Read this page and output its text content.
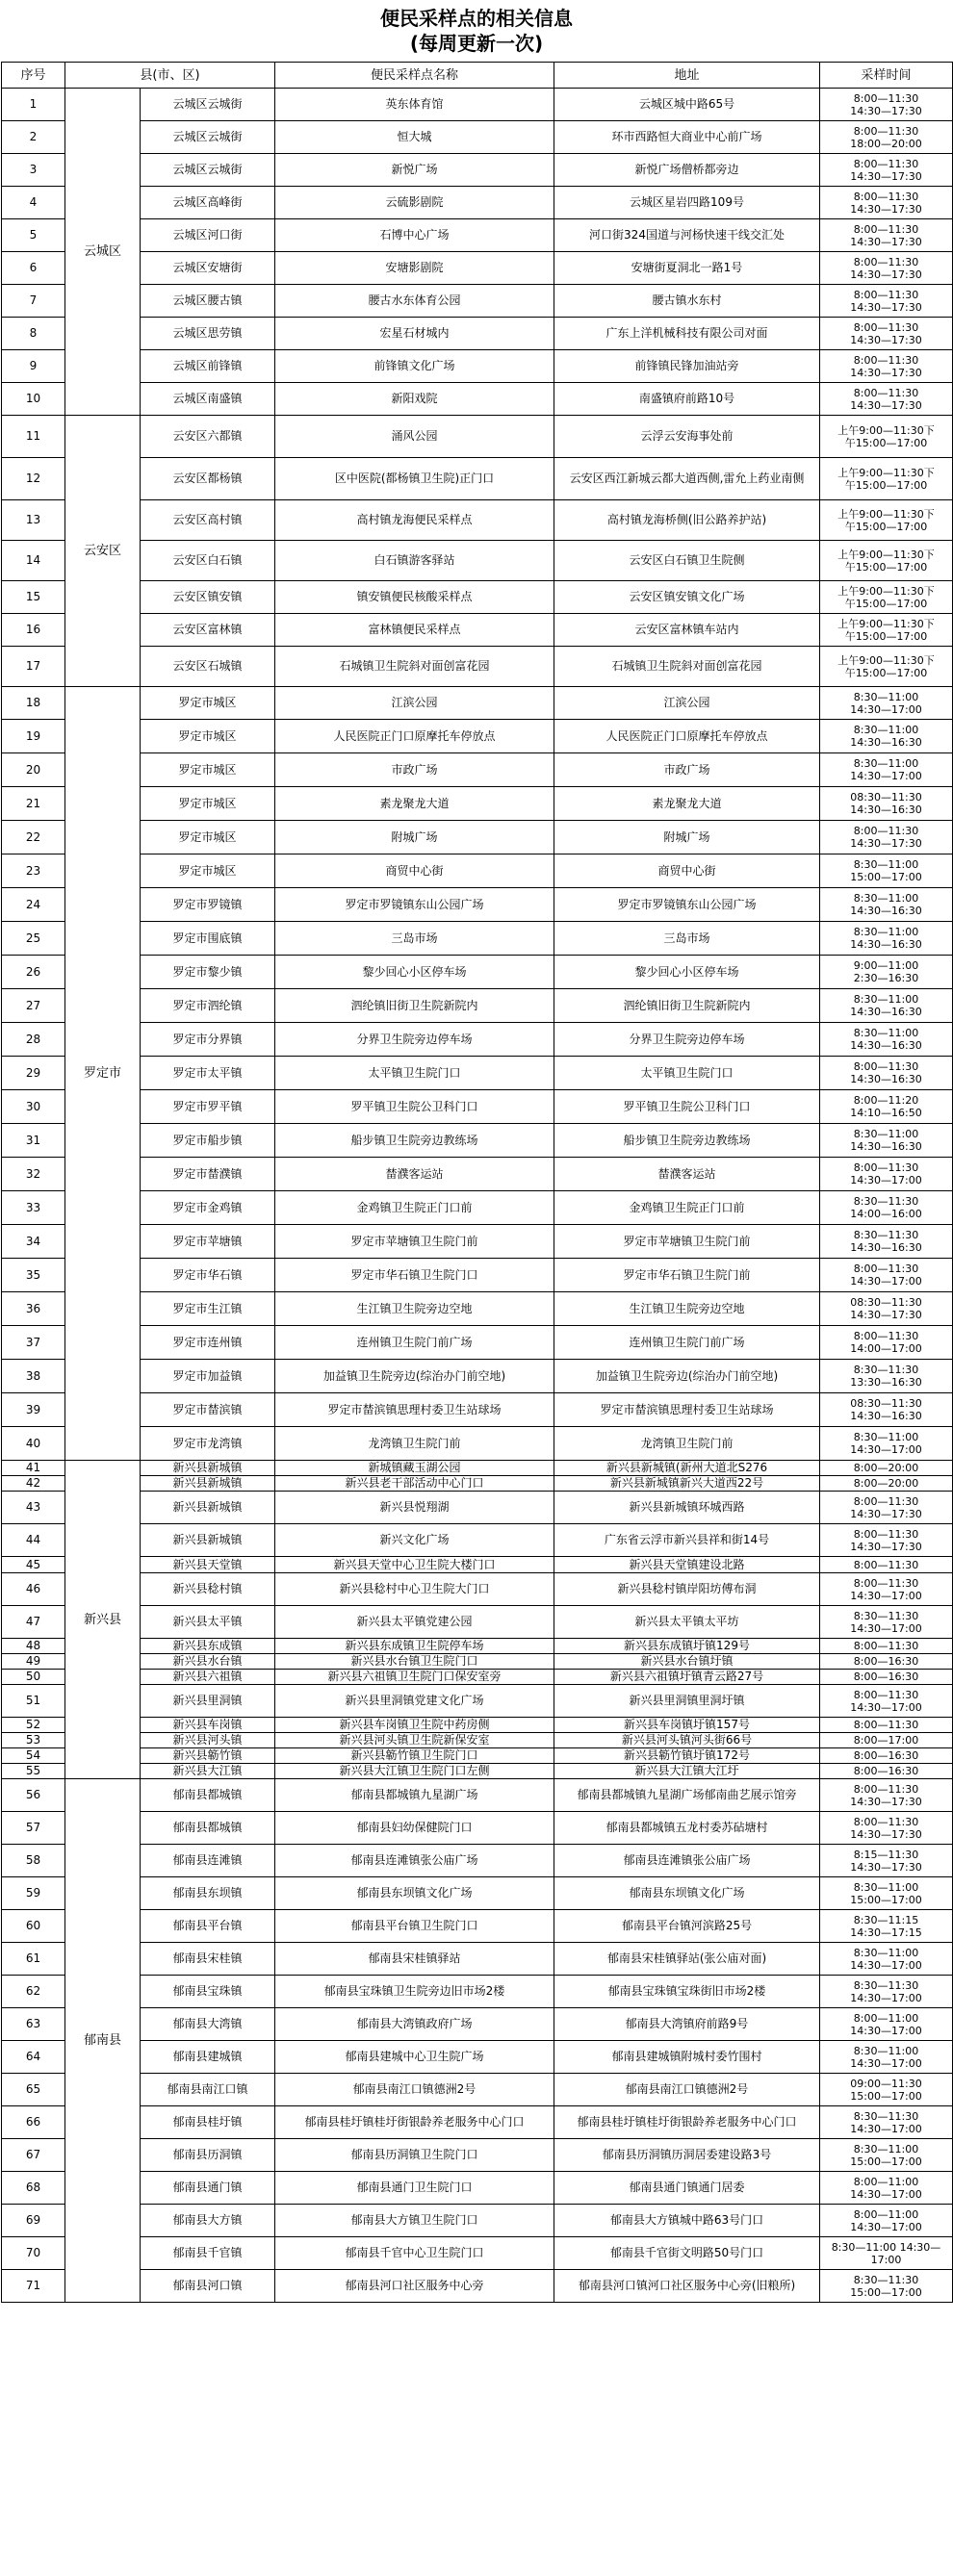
便民采样点的相关信息
(每周更新一次)
序号	县(市、区)		便民采样点名称	地址	采样时间
1	云城区	云城区云城街	英东体育馆	云城区城中路65号	8:00—11:30
14:30—17:30

2		云城区云城街	恒大城	环市西路恒大商业中心前广场	8:00—11:30
18:00—20:00

3		云城区云城街	新悦广场	新悦广场僧桥都旁边	8:00—11:30
14:30—17:30

4		云城区高峰街	云硫影剧院	云城区星岩四路109号	8:00—11:30
14:30—17:30

5		云城区河口街	石博中心广场	河口街324国道与河杨快速干线交汇处	8:00—11:30
14:30—17:30

6		云城区安塘街	安塘影剧院	安塘街夏洞北一路1号	8:00—11:30
14:30—17:30

7		云城区腰古镇	腰古水东体育公园	腰古镇水东村	8:00—11:30
14:30—17:30

8		云城区思劳镇	宏星石材城内	广东上洋机械科技有限公司对面	8:00—11:30
14:30—17:30

9		云城区前锋镇	前锋镇文化广场	前锋镇民锋加油站旁	8:00—11:30
14:30—17:30

10		云城区南盛镇	新阳戏院	南盛镇府前路10号	8:00—11:30
14:30—17:30

11	云安区	云安区六都镇	涌风公园	云浮云安海事处前	上午9:00—11:30下
午15:00—17:00

12		云安区都杨镇	区中医院(都杨镇卫生院)正门口	云安区西江新城云都大道西侧,雷允上药业南侧	上午9:00—11:30下
午15:00—17:00

13		云安区高村镇	高村镇龙海便民采样点	高村镇龙海桥侧(旧公路养护站)	上午9:00—11:30下
午15:00—17:00

14		云安区白石镇	白石镇游客驿站	云安区白石镇卫生院侧	上午9:00—11:30下
午15:00—17:00

15		云安区镇安镇	镇安镇便民核酸采样点	云安区镇安镇文化广场	上午9:00—11:30下
午15:00—17:00

16		云安区富林镇	富林镇便民采样点	云安区富林镇车站内	上午9:00—11:30下
午15:00—17:00

17		云安区石城镇	石城镇卫生院斜对面创富花园	石城镇卫生院斜对面创富花园	上午9:00—11:30下
午15:00—17:00

18	罗定市	罗定市城区	江滨公园	江滨公园	8:30—11:00
14:30—17:00

19		罗定市城区	人民医院正门口原摩托车停放点	人民医院正门口原摩托车停放点	8:30—11:00
14:30—16:30

20		罗定市城区	市政广场	市政广场	8:30—11:00
14:30—17:00

21		罗定市城区	素龙聚龙大道	素龙聚龙大道	08:30—11:30
14:30—16:30

22		罗定市城区	附城广场	附城广场	8:00—11:30
14:30—17:30

23		罗定市城区	商贸中心街	商贸中心街	8:30—11:00
15:00—17:00

24		罗定市罗镜镇	罗定市罗镜镇东山公园广场	罗定市罗镜镇东山公园广场	8:30—11:00
14:30—16:30

25		罗定市围底镇	三岛市场	三岛市场	8:30—11:00
14:30—16:30

26		罗定市黎少镇	黎少回心小区停车场	黎少回心小区停车场	9:00—11:00
2:30—16:30

27		罗定市泗纶镇	泗纶镇旧街卫生院新院内	泗纶镇旧街卫生院新院内	8:30—11:00
14:30—16:30

28		罗定市分界镇	分界卫生院旁边停车场	分界卫生院旁边停车场	8:30—11:00
14:30—16:30

29		罗定市太平镇	太平镇卫生院门口	太平镇卫生院门口	8:00—11:30
14:30—16:30

30		罗定市罗平镇	罗平镇卫生院公卫科门口	罗平镇卫生院公卫科门口	8:00—11:20
14:10—16:50

31		罗定市船步镇	船步镇卫生院旁边教练场	船步镇卫生院旁边教练场	8:30—11:00
14:30—16:30

32		罗定市榃濮镇	榃濮客运站	榃濮客运站	8:00—11:30
14:30—17:00

33		罗定市金鸡镇	金鸡镇卫生院正门口前	金鸡镇卫生院正门口前	8:30—11:30
14:00—16:00

34		罗定市苹塘镇	罗定市苹塘镇卫生院门前	罗定市苹塘镇卫生院门前	8:30—11:30
14:30—16:30

35		罗定市华石镇	罗定市华石镇卫生院门口	罗定市华石镇卫生院门前	8:00—11:30
14:30—17:00

36		罗定市生江镇	生江镇卫生院旁边空地	生江镇卫生院旁边空地	08:30—11:30
14:30—17:30

37		罗定市连州镇	连州镇卫生院门前广场	连州镇卫生院门前广场	8:00—11:30
14:00—17:00

38		罗定市加益镇	加益镇卫生院旁边(综治办门前空地)	加益镇卫生院旁边(综治办门前空地)	8:30—11:30
13:30—16:30

39		罗定市榃滨镇	罗定市榃滨镇思理村委卫生站球场	罗定市榃滨镇思理村委卫生站球场	08:30—11:30
14:30—16:30

40		罗定市龙湾镇	龙湾镇卫生院门前	龙湾镇卫生院门前	8:30—11:00
14:30—17:00

41	新兴县	新兴县新城镇	新城镇藏玉湖公园	新兴县新城镇(新州大道北S276	8:00—20:00

42		新兴县新城镇	新兴县老干部活动中心门口	新兴县新城镇新兴大道西22号	8:00—20:00

43		新兴县新城镇	新兴县悦翔湖	新兴县新城镇环城西路	8:00—11:30
14:30—17:30

44		新兴县新城镇	新兴文化广场	广东省云浮市新兴县祥和街14号	8:00—11:30
14:30—17:30

45		新兴县天堂镇	新兴县天堂中心卫生院大楼门口	新兴县天堂镇建设北路	8:00—11:30

46		新兴县稔村镇	新兴县稔村中心卫生院大门口	新兴县稔村镇岸阳坊傅布洞	8:00—11:30
14:30—17:00

47		新兴县太平镇	新兴县太平镇党建公园	新兴县太平镇太平坊	8:30—11:30
14:30—17:00

48		新兴县东成镇	新兴县东成镇卫生院停车场	新兴县东成镇圩镇129号	8:00—11:30

49		新兴县水台镇	新兴县水台镇卫生院门口	新兴县水台镇圩镇	8:00—16:30

50		新兴县六祖镇	新兴县六祖镇卫生院门口保安室旁	新兴县六祖镇圩镇青云路27号	8:00—16:30

51		新兴县里洞镇	新兴县里洞镇党建文化广场	新兴县里洞镇里洞圩镇	8:00—11:30
14:30—17:00

52		新兴县车岗镇	新兴县车岗镇卫生院中药房侧	新兴县车岗镇圩镇157号	8:00—11:30

53		新兴县河头镇	新兴县河头镇卫生院新保安室	新兴县河头镇河头街66号	8:00—17:00

54		新兴县簕竹镇	新兴县簕竹镇卫生院门口	新兴县簕竹镇圩镇172号	8:00—16:30

55		新兴县大江镇	新兴县大江镇卫生院门口左侧	新兴县大江镇大江圩	8:00—16:30

56	郁南县	郁南县都城镇	郁南县都城镇九星湖广场	郁南县都城镇九星湖广场郁南曲艺展示馆旁	8:00—11:30
14:30—17:30

57		郁南县都城镇	郁南县妇幼保健院门口	郁南县都城镇五龙村委苏砧塘村	8:00—11:30
14:30—17:30

58		郁南县连滩镇	郁南县连滩镇张公庙广场	郁南县连滩镇张公庙广场	8:15—11:30
14:30—17:30

59		郁南县东坝镇	郁南县东坝镇文化广场	郁南县东坝镇文化广场	8:30—11:00
15:00—17:00

60		郁南县平台镇	郁南县平台镇卫生院门口	郁南县平台镇河滨路25号	8:30—11:15
14:30—17:15

61		郁南县宋桂镇	郁南县宋桂镇驿站	郁南县宋桂镇驿站(张公庙对面)	8:30—11:00
14:30—17:00

62		郁南县宝珠镇	郁南县宝珠镇卫生院旁边旧市场2楼	郁南县宝珠镇宝珠街旧市场2楼	8:30—11:30
14:30—17:00

63		郁南县大湾镇	郁南县大湾镇政府广场	郁南县大湾镇府前路9号	8:00—11:00
14:30—17:00

64		郁南县建城镇	郁南县建城中心卫生院广场	郁南县建城镇附城村委竹围村	8:30—11:00
14:30—17:00

65		郁南县南江口镇	郁南县南江口镇德洲2号	郁南县南江口镇德洲2号	09:00—11:30
15:00—17:00

66		郁南县桂圩镇	郁南县桂圩镇桂圩街银龄养老服务中心门口	郁南县桂圩镇桂圩街银龄养老服务中心门口	8:30—11:30
14:30—17:00

67		郁南县历洞镇	郁南县历洞镇卫生院门口	郁南县历洞镇历洞居委建设路3号	8:30—11:00
15:00—17:00

68		郁南县通门镇	郁南县通门卫生院门口	郁南县通门镇通门居委	8:00—11:00
14:30—17:00

69		郁南县大方镇	郁南县大方镇卫生院门口	郁南县大方镇城中路63号门口	8:00—11:00
14:30—17:00

70		郁南县千官镇	郁南县千官中心卫生院门口	郁南县千官街文明路50号门口	8:30—11:00 14:30—
17:00

71		郁南县河口镇	郁南县河口社区服务中心旁	郁南县河口镇河口社区服务中心旁(旧粮所)	8:30—11:30
15:00—17:00
